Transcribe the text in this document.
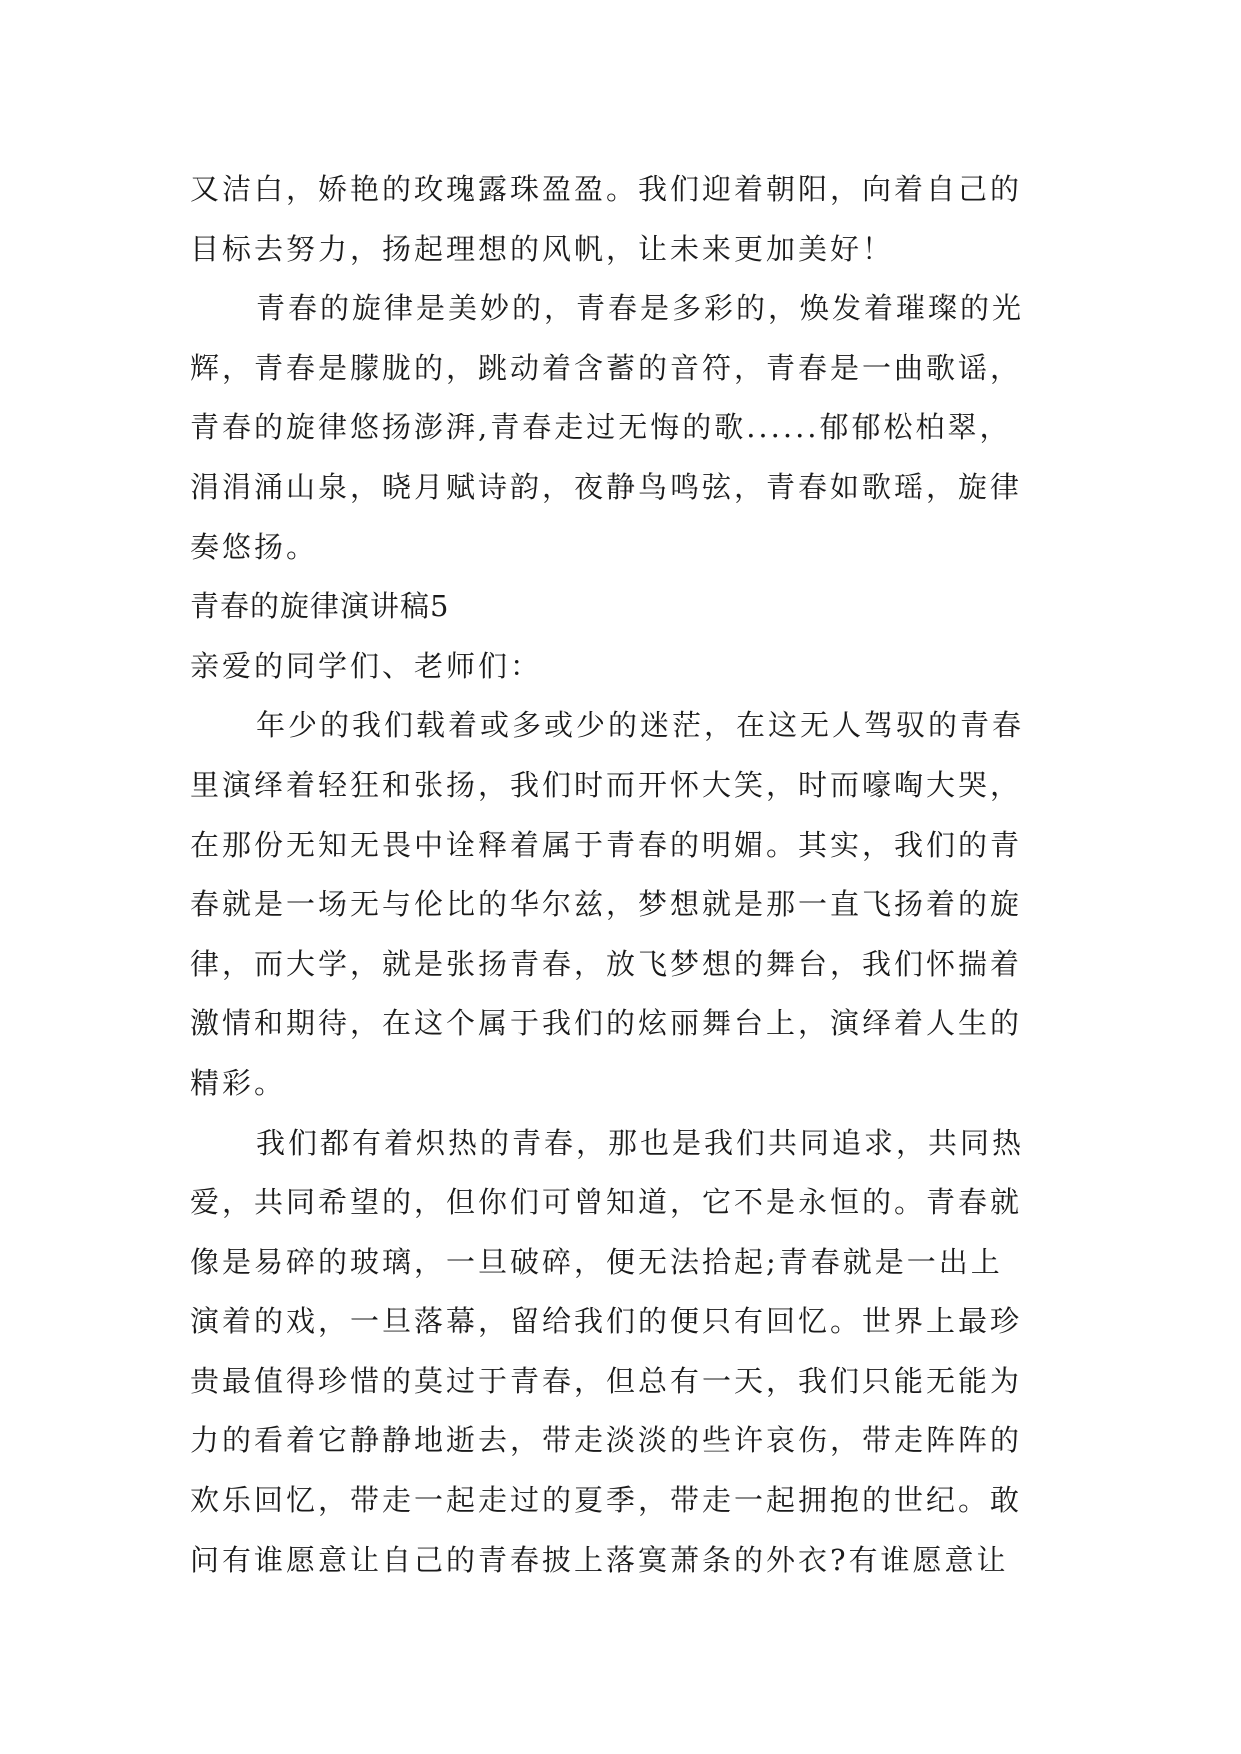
又洁白，娇艳的玫瑰露珠盈盈。我们迎着朝阳，向着自己的
目标去努力，扬起理想的风帆，让未来更加美好！
青春的旋律是美妙的，青春是多彩的，焕发着璀璨的光
辉，青春是朦胧的，跳动着含蓄的音符，青春是一曲歌谣，
青春的旋律悠扬澎湃,青春走过无悔的歌......郁郁松柏翠，
涓涓涌山泉，晓月赋诗韵，夜静鸟鸣弦，青春如歌瑶，旋律
奏悠扬。
青春的旋律演讲稿5
亲爱的同学们、老师们：
年少的我们载着或多或少的迷茫，在这无人驾驭的青春
里演绎着轻狂和张扬，我们时而开怀大笑，时而嚎啕大哭，
在那份无知无畏中诠释着属于青春的明媚。其实，我们的青
春就是一场无与伦比的华尔兹，梦想就是那一直飞扬着的旋
律，而大学，就是张扬青春，放飞梦想的舞台，我们怀揣着
激情和期待，在这个属于我们的炫丽舞台上，演绎着人生的
精彩。
我们都有着炽热的青春，那也是我们共同追求，共同热
爱，共同希望的，但你们可曾知道，它不是永恒的。青春就
像是易碎的玻璃，一旦破碎，便无法拾起;青春就是一出上
演着的戏，一旦落幕，留给我们的便只有回忆。世界上最珍
贵最值得珍惜的莫过于青春，但总有一天，我们只能无能为
力的看着它静静地逝去，带走淡淡的些许哀伤，带走阵阵的
欢乐回忆，带走一起走过的夏季，带走一起拥抱的世纪。敢
问有谁愿意让自己的青春披上落寞萧条的外衣?有谁愿意让
